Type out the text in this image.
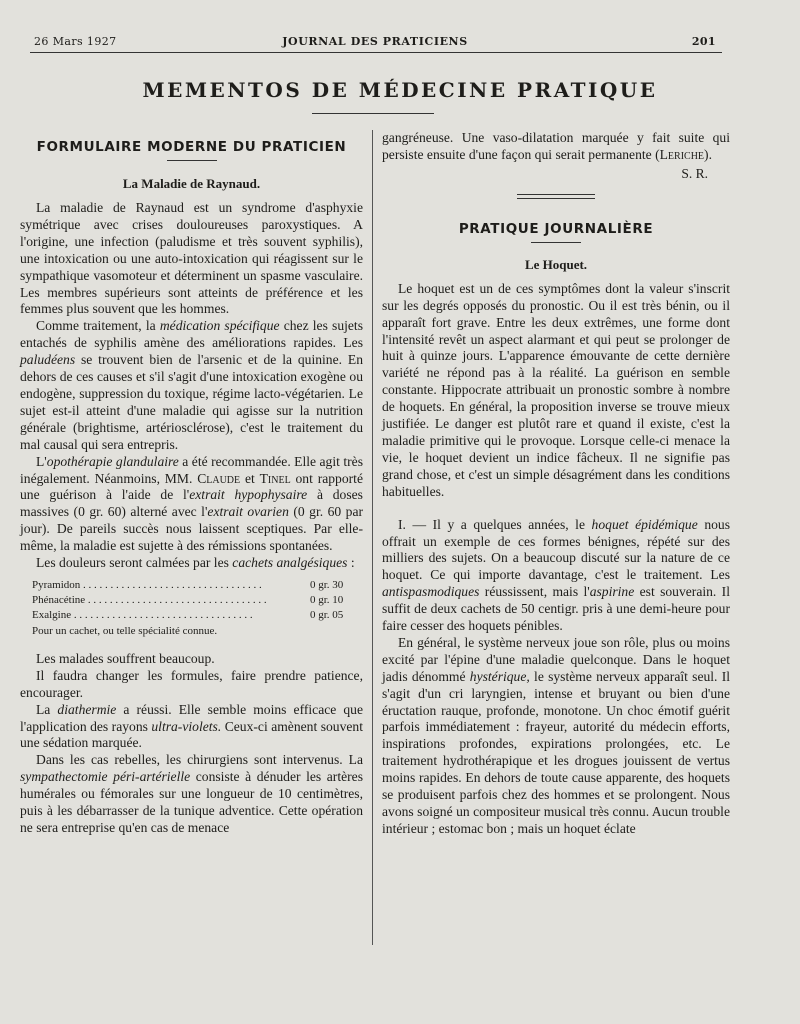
26 Mars 1927	JOURNAL DES PRATICIENS	201
MEMENTOS DE MÉDECINE PRATIQUE
FORMULAIRE MODERNE DU PRATICIEN
La Maladie de Raynaud.

La maladie de Raynaud est un syndrome d'asphyxie symétrique avec crises douloureuses paroxystiques. A l'origine, une infection (paludisme et très souvent syphilis), une intoxication ou une auto-intoxication qui réagissent sur le sympathique vasomoteur et déterminent un spasme vasculaire. Les membres supérieurs sont atteints de préférence et les femmes plus souvent que les hommes.

Comme traitement, la médication spécifique chez les sujets entachés de syphilis amène des améliorations rapides. Les paludéens se trouvent bien de l'arsenic et de la quinine. En dehors de ces causes et s'il s'agit d'une intoxication exogène ou endogène, suppression du toxique, régime lacto-végétarien. Le sujet est-il atteint d'une maladie qui agisse sur la nutrition générale (brightisme, artériosclérose), c'est le traitement du mal causal qui sera entrepris.

L'opothérapie glandulaire a été recommandée. Elle agit très inégalement. Néanmoins, MM. Claude et Tinel ont rapporté une guérison à l'aide de l'extrait hypophysaire à doses massives (0 gr. 60) alterné avec l'extrait ovarien (0 gr. 60 par jour). De pareils succès nous laissent sceptiques. Par elle-même, la maladie est sujette à des rémissions spontanées.

Les douleurs seront calmées par les cachets analgésiques :

Pyramidon . . .	0 gr. 30
Phénacétine . . .	0 gr. 10
Exalgine . . .	0 gr. 05
Pour un cachet, ou telle spécialité connue.

Les malades souffrent beaucoup.

Il faudra changer les formules, faire prendre patience, encourager.

La diathermie a réussi. Elle semble moins efficace que l'application des rayons ultra-violets. Ceux-ci amènent souvent une sédation marquée.

Dans les cas rebelles, les chirurgiens sont intervenus. La sympathectomie péri-artérielle consiste à dénuder les artères humérales ou fémorales sur une longueur de 10 centimètres, puis à les débarrasser de la tunique adventice. Cette opération ne sera entreprise qu'en cas de menace

gangréneuse. Une vaso-dilatation marquée y fait suite qui persiste ensuite d'une façon qui serait permanente (Leriche).

S. R.

PRATIQUE JOURNALIÈRE
Le Hoquet.

Le hoquet est un de ces symptômes dont la valeur s'inscrit sur les degrés opposés du pronostic. Ou il est très bénin, ou il apparaît fort grave. Entre les deux extrêmes, une forme dont l'intensité revêt un aspect alarmant et qui peut se prolonger de huit à quinze jours. L'apparence émouvante de cette dernière variété ne répond pas à la réalité. La guérison en semble constante. Hippocrate attribuait un pronostic sombre à nombre de hoquets. En général, la proposition inverse se trouve mieux justifiée. Le danger est plutôt rare et quand il existe, c'est la maladie primitive qui le provoque. Lorsque celle-ci menace la vie, le hoquet devient un indice fâcheux. Il ne signifie pas grand chose, et c'est un simple désagrément dans les conditions habituelles.

I. — Il y a quelques années, le hoquet épidémique nous offrait un exemple de ces formes bénignes, répété sur des milliers des sujets. On a beaucoup discuté sur la nature de ce hoquet. Ce qui importe davantage, c'est le traitement. Les antispasmodiques réussissent, mais l'aspirine est souverain. Il suffit de deux cachets de 50 centigr. pris à une demi-heure pour faire cesser des hoquets pénibles.

En général, le système nerveux joue son rôle, plus ou moins excité par l'épine d'une maladie quelconque. Dans le hoquet jadis dénommé hystérique, le système nerveux apparaît seul. Il s'agit d'un cri laryngien, intense et bruyant ou bien d'une éructation rauque, profonde, monotone. Un choc émotif guérit parfois immédiatement : frayeur, autorité du médecin efforts, inspirations profondes, expirations prolongées, etc. Le traitement hydrothérapique et les drogues jouissent de vertus moins rapides. En dehors de toute cause apparente, des hoquets se produisent parfois chez des hommes et se prolongent. Nous avons soigné un compositeur musical très connu. Aucun trouble intérieur ; estomac bon ; mais un hoquet éclate
